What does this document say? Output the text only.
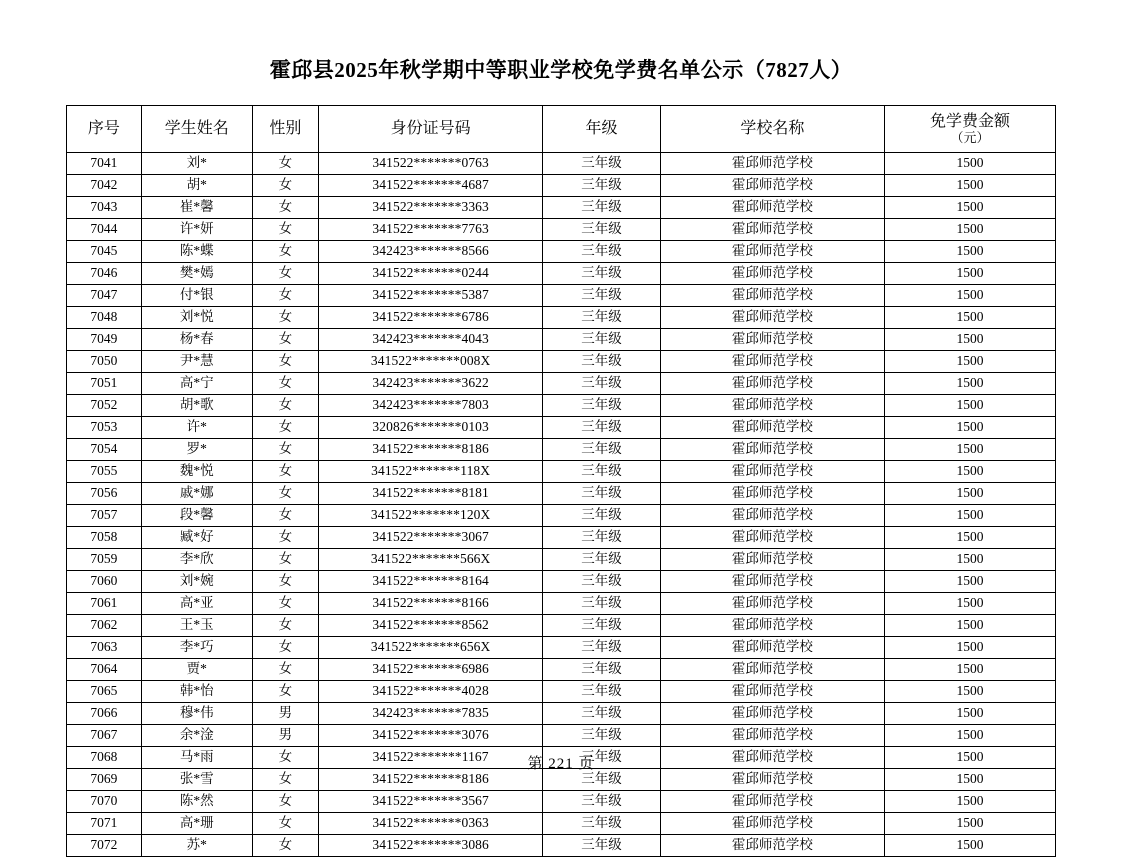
霍邱县2025年秋学期中等职业学校免学费名单公示（7827人）
序号	学生姓名	性别	身份证号码	年级	学校名称	免学费金额
（元）

7041	刘*	女	341522*******0763	三年级	霍邱师范学校	1500
7042	胡*	女	341522*******4687	三年级	霍邱师范学校	1500
7043	崔*馨	女	341522*******3363	三年级	霍邱师范学校	1500
7044	许*妍	女	341522*******7763	三年级	霍邱师范学校	1500
7045	陈*蝶	女	342423*******8566	三年级	霍邱师范学校	1500
7046	樊*嫣	女	341522*******0244	三年级	霍邱师范学校	1500
7047	付*银	女	341522*******5387	三年级	霍邱师范学校	1500
7048	刘*悦	女	341522*******6786	三年级	霍邱师范学校	1500
7049	杨*春	女	342423*******4043	三年级	霍邱师范学校	1500
7050	尹*慧	女	341522*******008X	三年级	霍邱师范学校	1500
7051	高*宁	女	342423*******3622	三年级	霍邱师范学校	1500
7052	胡*歌	女	342423*******7803	三年级	霍邱师范学校	1500
7053	许*	女	320826*******0103	三年级	霍邱师范学校	1500
7054	罗*	女	341522*******8186	三年级	霍邱师范学校	1500
7055	魏*悦	女	341522*******118X	三年级	霍邱师范学校	1500
7056	戚*娜	女	341522*******8181	三年级	霍邱师范学校	1500
7057	段*馨	女	341522*******120X	三年级	霍邱师范学校	1500
7058	臧*好	女	341522*******3067	三年级	霍邱师范学校	1500
7059	李*欣	女	341522*******566X	三年级	霍邱师范学校	1500
7060	刘*婉	女	341522*******8164	三年级	霍邱师范学校	1500
7061	高*亚	女	341522*******8166	三年级	霍邱师范学校	1500
7062	王*玉	女	341522*******8562	三年级	霍邱师范学校	1500
7063	李*巧	女	341522*******656X	三年级	霍邱师范学校	1500
7064	贾*	女	341522*******6986	三年级	霍邱师范学校	1500
7065	韩*怡	女	341522*******4028	三年级	霍邱师范学校	1500
7066	穆*伟	男	342423*******7835	三年级	霍邱师范学校	1500
7067	余*淦	男	341522*******3076	三年级	霍邱师范学校	1500
7068	马*雨	女	341522*******1167	三年级	霍邱师范学校	1500
7069	张*雪	女	341522*******8186	三年级	霍邱师范学校	1500
7070	陈*然	女	341522*******3567	三年级	霍邱师范学校	1500
7071	高*珊	女	341522*******0363	三年级	霍邱师范学校	1500
7072	苏*	女	341522*******3086	三年级	霍邱师范学校	1500
第 221 页
